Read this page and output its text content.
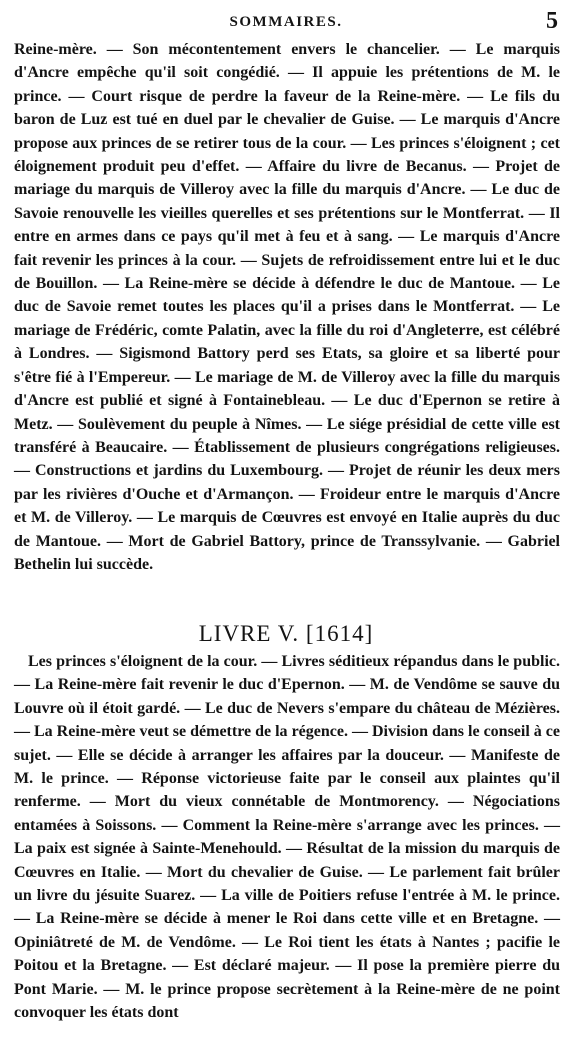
SOMMAIRES.	5

Reine-mère. — Son mécontentement envers le chancelier. — Le marquis d'Ancre empêche qu'il soit congédié. — Il appuie les prétentions de M. le prince. — Court risque de perdre la faveur de la Reine-mère. — Le fils du baron de Luz est tué en duel par le chevalier de Guise. — Le marquis d'Ancre propose aux princes de se retirer tous de la cour. — Les princes s'éloignent ; cet éloignement produit peu d'effet. — Affaire du livre de Becanus. — Projet de mariage du marquis de Villeroy avec la fille du marquis d'Ancre. — Le duc de Savoie renouvelle les vieilles querelles et ses prétentions sur le Montferrat. — Il entre en armes dans ce pays qu'il met à feu et à sang. — Le marquis d'Ancre fait revenir les princes à la cour. — Sujets de refroidissement entre lui et le duc de Bouillon. — La Reine-mère se décide à défendre le duc de Mantoue. — Le duc de Savoie remet toutes les places qu'il a prises dans le Montferrat. — Le mariage de Frédéric, comte Palatin, avec la fille du roi d'Angleterre, est célébré à Londres. — Sigismond Battory perd ses Etats, sa gloire et sa liberté pour s'être fié à l'Empereur. — Le mariage de M. de Villeroy avec la fille du marquis d'Ancre est publié et signé à Fontainebleau. — Le duc d'Epernon se retire à Metz. — Soulèvement du peuple à Nîmes. — Le siége présidial de cette ville est transféré à Beaucaire. — Établissement de plusieurs congrégations religieuses. — Constructions et jardins du Luxembourg. — Projet de réunir les deux mers par les rivières d'Ouche et d'Armançon. — Froideur entre le marquis d'Ancre et M. de Villeroy. — Le marquis de Cœuvres est envoyé en Italie auprès du duc de Mantoue. — Mort de Gabriel Battory, prince de Transsylvanie. — Gabriel Bethelin lui succède.

LIVRE V. [1614]

Les princes s'éloignent de la cour. — Livres séditieux répandus dans le public. — La Reine-mère fait revenir le duc d'Epernon. — M. de Vendôme se sauve du Louvre où il étoit gardé. — Le duc de Nevers s'empare du château de Mézières. — La Reine-mère veut se démettre de la régence. — Division dans le conseil à ce sujet. — Elle se décide à arranger les affaires par la douceur. — Manifeste de M. le prince. — Réponse victorieuse faite par le conseil aux plaintes qu'il renferme. — Mort du vieux connétable de Montmorency. — Négociations entamées à Soissons. — Comment la Reine-mère s'arrange avec les princes. — La paix est signée à Sainte-Menehould. — Résultat de la mission du marquis de Cœuvres en Italie. — Mort du chevalier de Guise. — Le parlement fait brûler un livre du jésuite Suarez. — La ville de Poitiers refuse l'entrée à M. le prince. — La Reine-mère se décide à mener le Roi dans cette ville et en Bretagne. — Opiniâtreté de M. de Vendôme. — Le Roi tient les états à Nantes ; pacifie le Poitou et la Bretagne. — Est déclaré majeur. — Il pose la première pierre du Pont Marie. — M. le prince propose secrètement à la Reine-mère de ne point convoquer les états dont
